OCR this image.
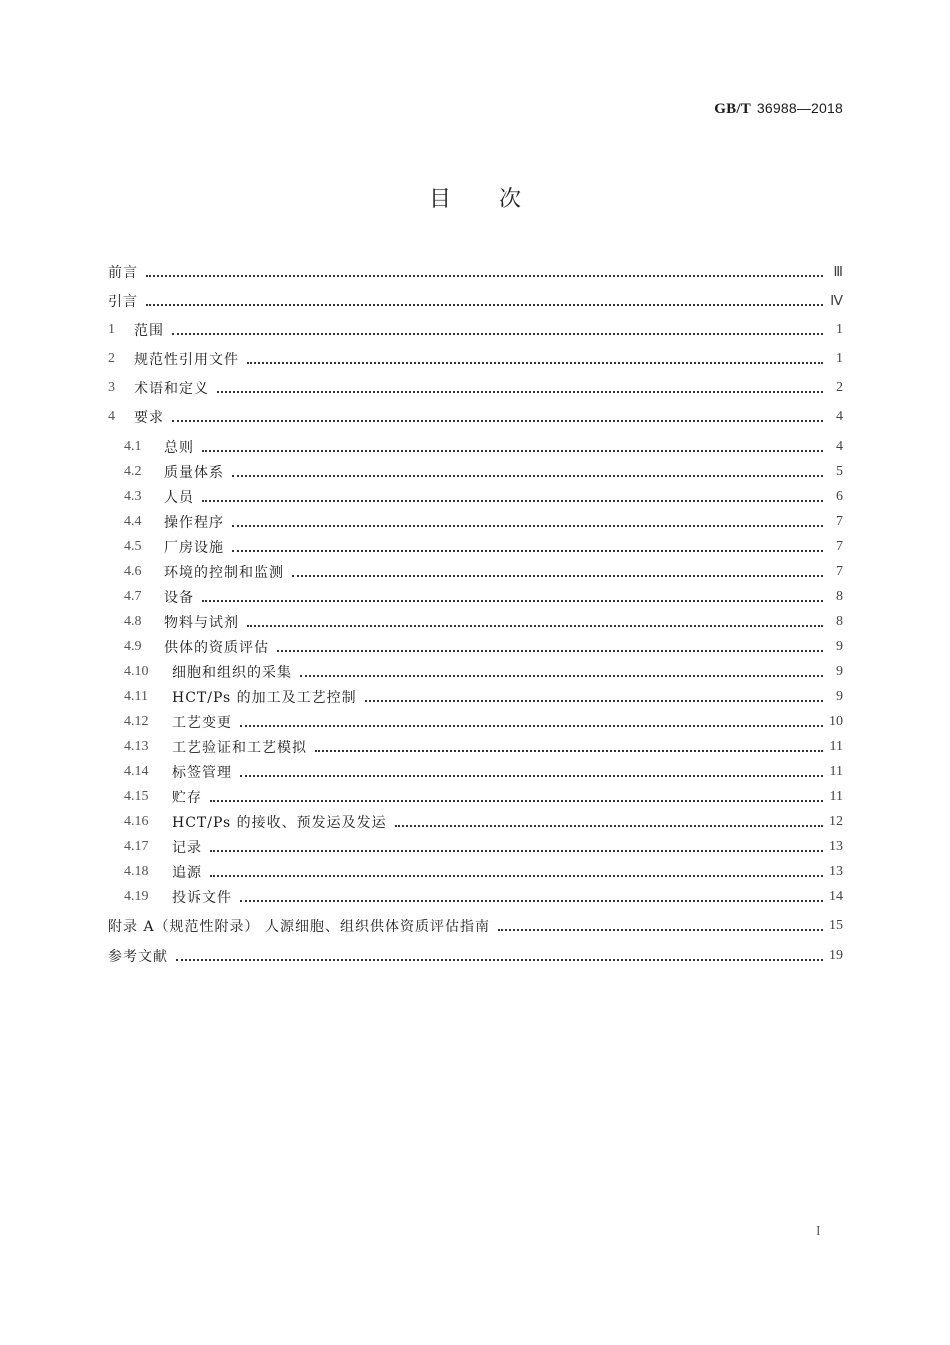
GB/T 36988—2018
目次
前言	Ⅲ
引言	Ⅳ
1	范围	1
2	规范性引用文件	1
3	术语和定义	2
4	要求	4
4.1	总则	4
4.2	质量体系	5
4.3	人员	6
4.4	操作程序	7
4.5	厂房设施	7
4.6	环境的控制和监测	7
4.7	设备	8
4.8	物料与试剂	8
4.9	供体的资质评估	9
4.10	细胞和组织的采集	9
4.11	HCT/Ps 的加工及工艺控制	9
4.12	工艺变更	10
4.13	工艺验证和工艺模拟	11
4.14	标签管理	11
4.15	贮存	11
4.16	HCT/Ps 的接收、预发运及发运	12
4.17	记录	13
4.18	追源	13
4.19	投诉文件	14
附录 A（规范性附录） 人源细胞、组织供体资质评估指南	15
参考文献	19
I
